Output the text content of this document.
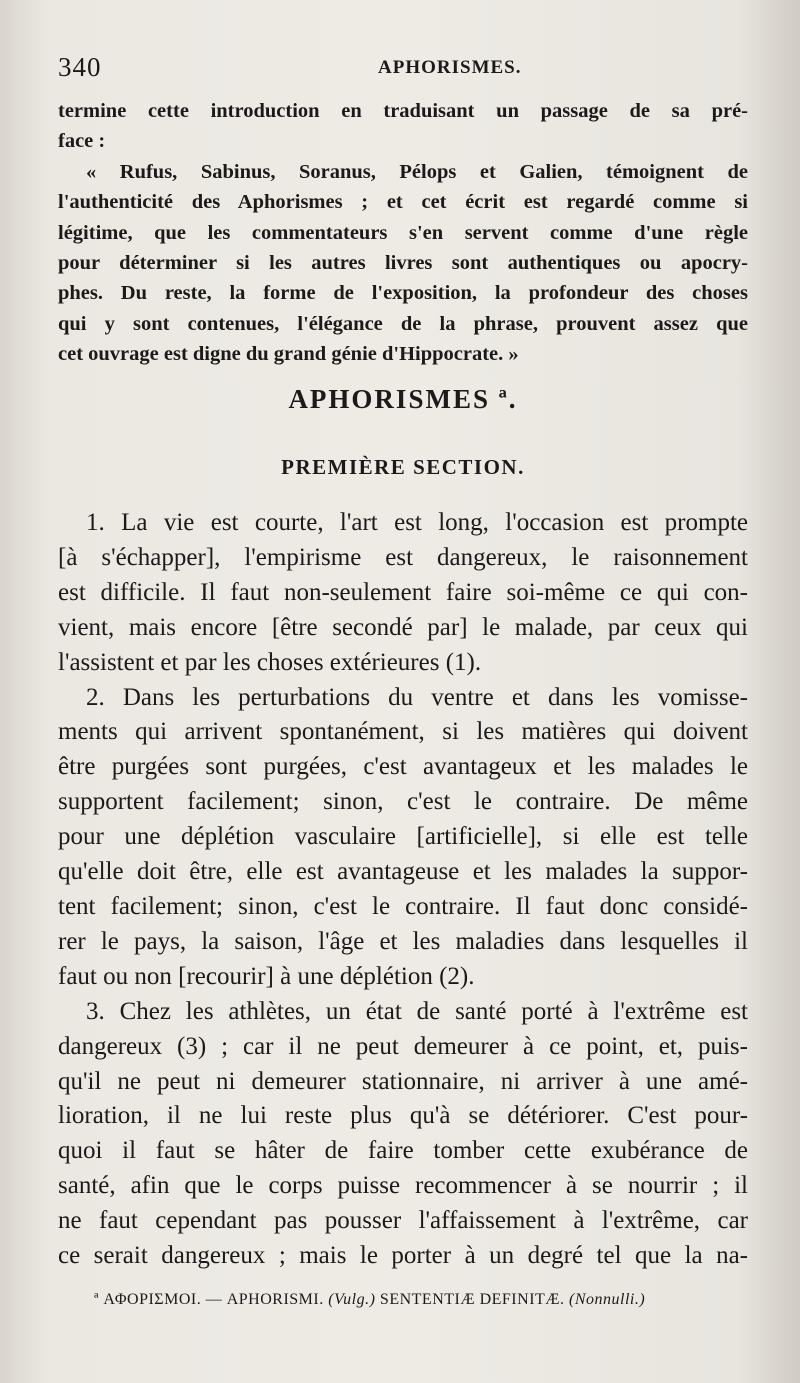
340	APHORISMES.

termine cette introduction en traduisant un passage de sa pré-

face :

« Rufus, Sabinus, Soranus, Pélops et Galien, témoignent de

l'authenticité des Aphorismes ; et cet écrit est regardé comme si

légitime, que les commentateurs s'en servent comme d'une règle

pour déterminer si les autres livres sont authentiques ou apocry-

phes. Du reste, la forme de l'exposition, la profondeur des choses

qui y sont contenues, l'élégance de la phrase, prouvent assez que

cet ouvrage est digne du grand génie d'Hippocrate. »

APHORISMES ª.
PREMIÈRE SECTION.

1. La vie est courte, l'art est long, l'occasion est prompte

[à s'échapper], l'empirisme est dangereux, le raisonnement

est difficile. Il faut non-seulement faire soi-même ce qui con-

vient, mais encore [être secondé par] le malade, par ceux qui

l'assistent et par les choses extérieures (1).

2. Dans les perturbations du ventre et dans les vomisse-

ments qui arrivent spontanément, si les matières qui doivent

être purgées sont purgées, c'est avantageux et les malades le

supportent facilement; sinon, c'est le contraire. De même

pour une déplétion vasculaire [artificielle], si elle est telle

qu'elle doit être, elle est avantageuse et les malades la suppor-

tent facilement; sinon, c'est le contraire. Il faut donc considé-

rer le pays, la saison, l'âge et les maladies dans lesquelles il

faut ou non [recourir] à une déplétion (2).

3. Chez les athlètes, un état de santé porté à l'extrême est

dangereux (3) ; car il ne peut demeurer à ce point, et, puis-

qu'il ne peut ni demeurer stationnaire, ni arriver à une amé-

lioration, il ne lui reste plus qu'à se détériorer. C'est pour-

quoi il faut se hâter de faire tomber cette exubérance de

santé, afin que le corps puisse recommencer à se nourrir ; il

ne faut cependant pas pousser l'affaissement à l'extrême, car

ce serait dangereux ; mais le porter à un degré tel que la na-

ª ΑΦΟΡΙΣΜΟΙ. — APHORISMI. (Vulg.) SENTENTIÆ DEFINITÆ. (Nonnulli.)
